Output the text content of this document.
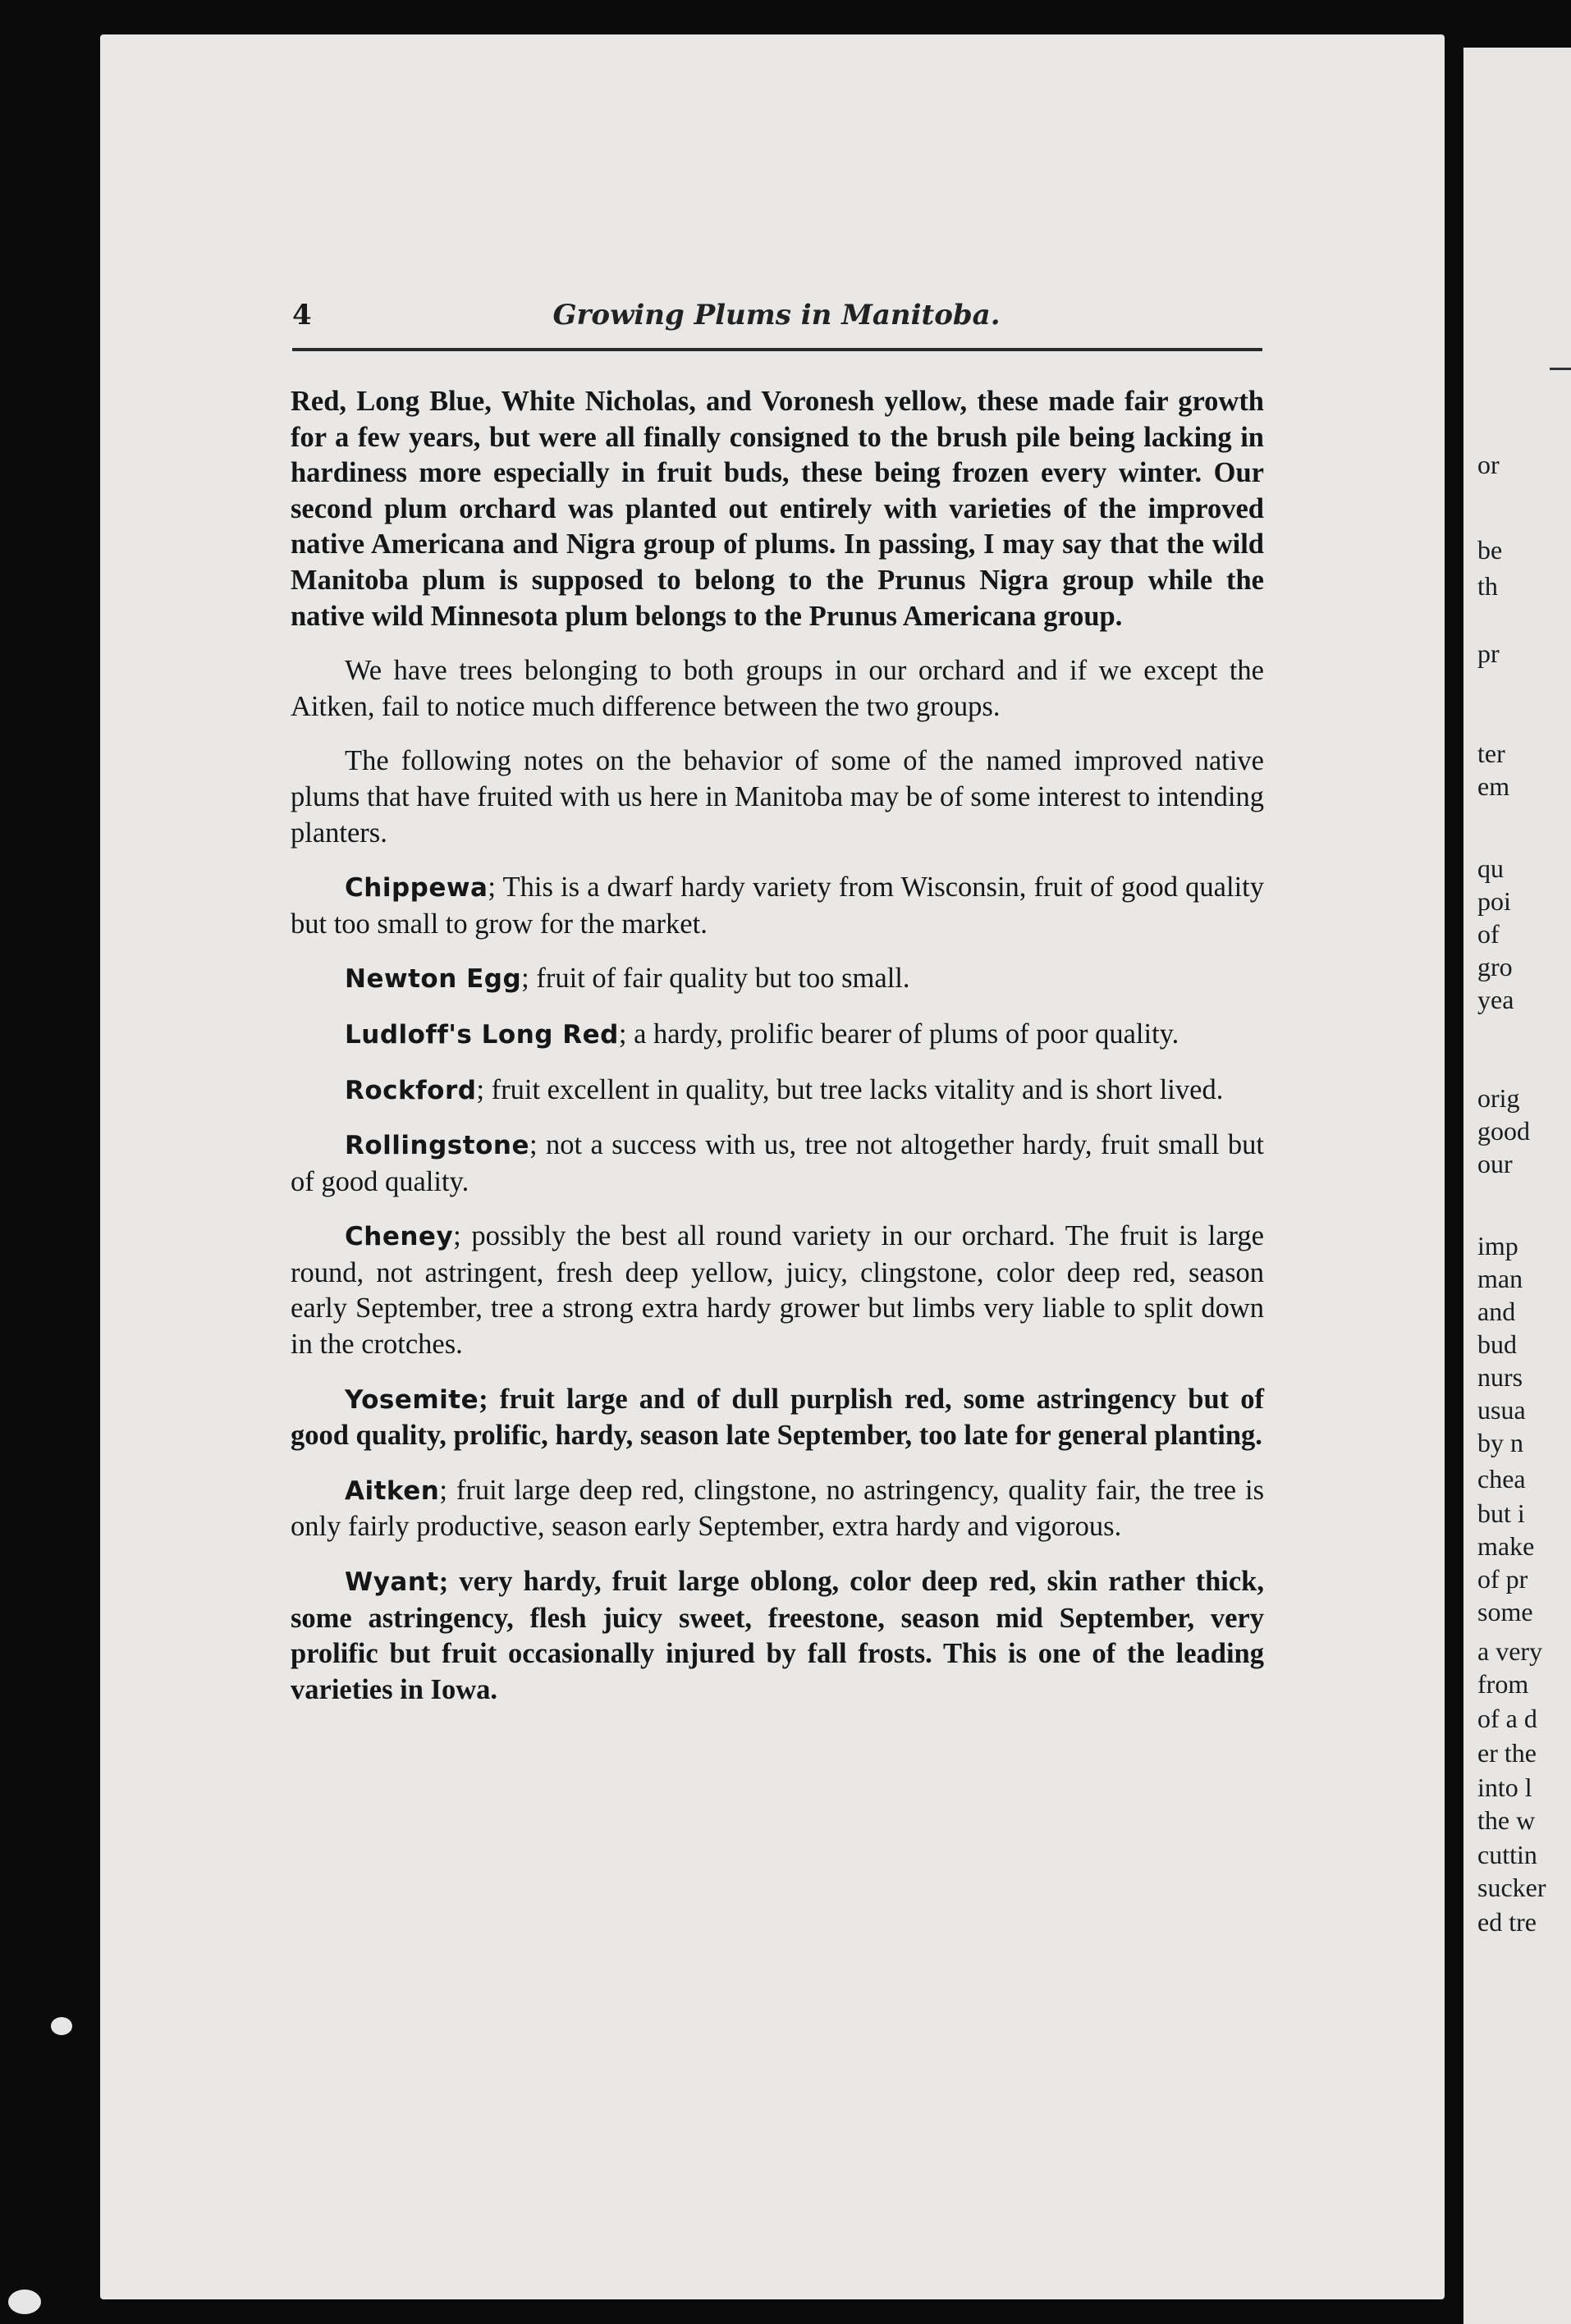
4	Growing Plums in Manitoba.

Red, Long Blue, White Nicholas, and Voronesh yellow, these made fair growth for a few years, but were all finally consigned to the brush pile being lacking in hardiness more especially in fruit buds, these being frozen every winter. Our second plum orchard was planted out entirely with varieties of the improved native Americana and Nigra group of plums. In passing, I may say that the wild Manitoba plum is supposed to belong to the Prunus Nigra group while the native wild Minnesota plum belongs to the Prunus Americana group.

We have trees belonging to both groups in our orchard and if we except the Aitken, fail to notice much difference between the two groups.

The following notes on the behavior of some of the named improved native plums that have fruited with us here in Manitoba may be of some interest to intending planters.

Chippewa; This is a dwarf hardy variety from Wisconsin, fruit of good quality but too small to grow for the market.

Newton Egg; fruit of fair quality but too small.

Ludloff's Long Red; a hardy, prolific bearer of plums of poor quality.

Rockford; fruit excellent in quality, but tree lacks vitality and is short lived.

Rollingstone; not a success with us, tree not altogether hardy, fruit small but of good quality.

Cheney; possibly the best all round variety in our orchard. The fruit is large round, not astringent, fresh deep yellow, juicy, clingstone, color deep red, season early September, tree a strong extra hardy grower but limbs very liable to split down in the crotches.

Yosemite; fruit large and of dull purplish red, some astringency but of good quality, prolific, hardy, season late September, too late for general planting.

Aitken; fruit large deep red, clingstone, no astringency, quality fair, the tree is only fairly productive, season early September, extra hardy and vigorous.

Wyant; very hardy, fruit large oblong, color deep red, skin rather thick, some astringency, flesh juicy sweet, freestone, season mid September, very prolific but fruit occasionally injured by fall frosts. This is one of the leading varieties in Iowa.

or
be
th
pr
ter
em
qu
poi
of
gro
yea
orig
good
our
imp
man
and
bud
nurs
usua
by n
chea
but i
make
of pr
some
a very
from
of a d
er the
into l
the w
cuttin
sucker
ed tre
